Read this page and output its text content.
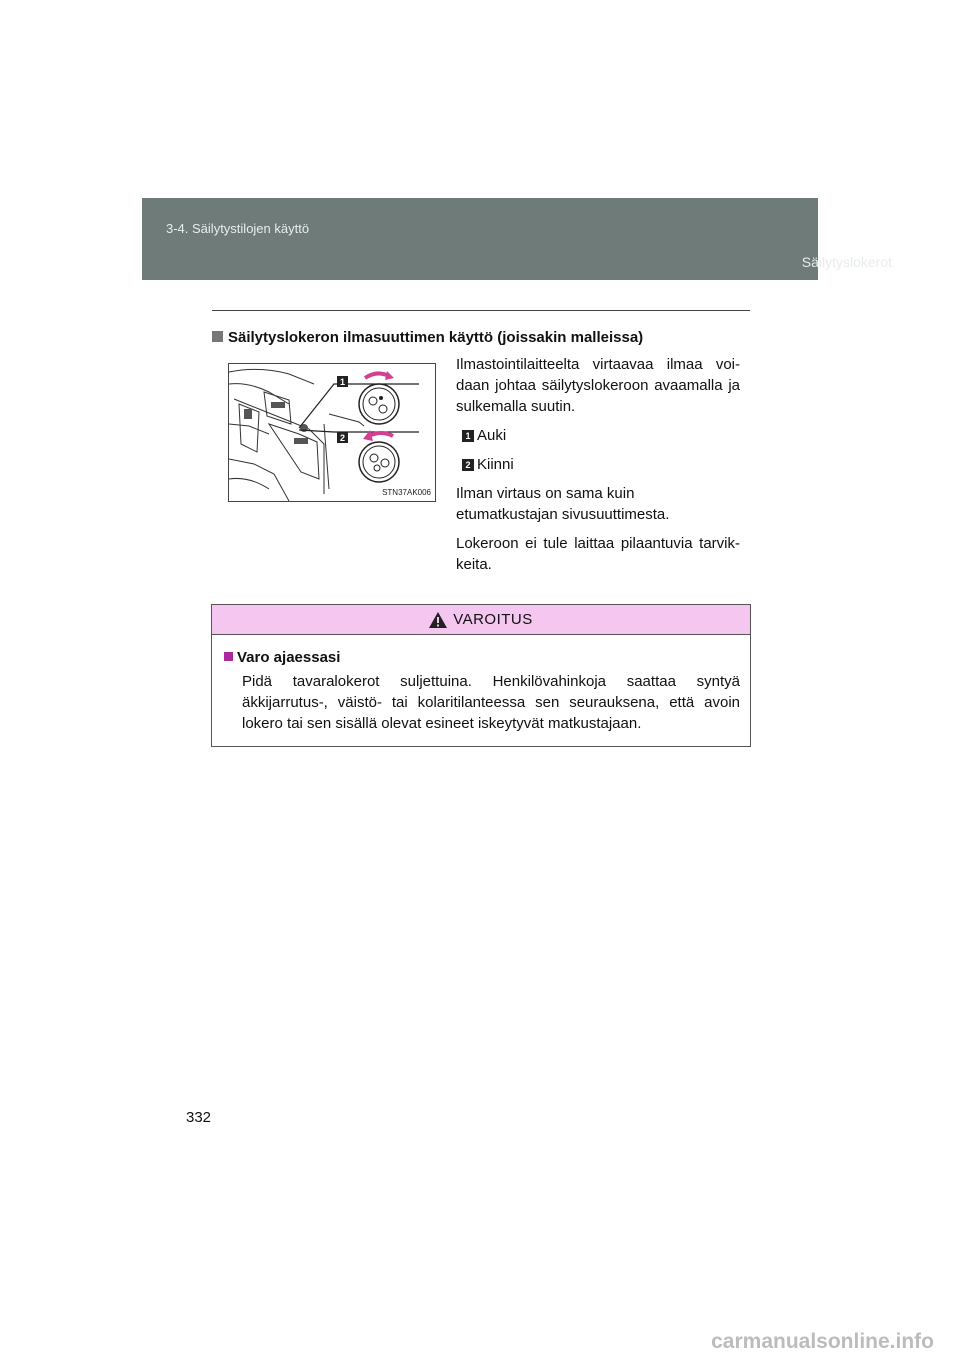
3-4. Säilytystilojen käyttö
Säilytyslokerot
Säilytyslokeron ilmasuuttimen käyttö (joissakin malleissa)
1
2
STN37AK006

Ilmastointilaitteelta virtaavaa ilmaa voi-daan johtaa säilytyslokeroon avaamalla ja sulkemalla suutin.

1 Auki
2 Kiinni

Ilman virtaus on sama kuin etumatkustajan sivusuuttimesta.

Lokeroon ei tule laittaa pilaantuvia tarvik-keita.

VAROITUS
Varo ajaessasi
Pidä tavaralokerot suljettuina. Henkilövahinkoja saattaa syntyä äkkijarrutus-, väistö- tai kolaritilanteessa sen seurauksena, että avoin lokero tai sen sisällä olevat esineet iskeytyvät matkustajaan.
332
carmanualsonline.info
